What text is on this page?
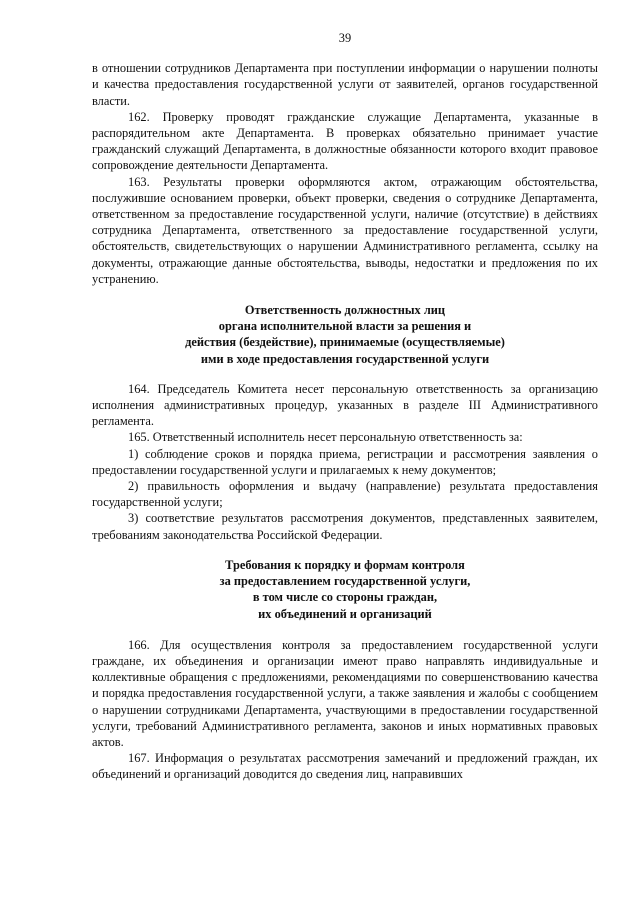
39

в отношении сотрудников Департамента при поступлении информации о нарушении полноты и качества предоставления государственной услуги от заявителей, органов государственной власти.

162. Проверку проводят гражданские служащие Департамента, указанные в распорядительном акте Департамента. В проверках обязательно принимает участие гражданский служащий Департамента, в должностные обязанности которого входит правовое сопровождение деятельности Департамента.

163. Результаты проверки оформляются актом, отражающим обстоятельства, послужившие основанием проверки, объект проверки, сведения о сотруднике Департамента, ответственном за предоставление государственной услуги, наличие (отсутствие) в действиях сотрудника Департамента, ответственного за предоставление государственной услуги, обстоятельств, свидетельствующих о нарушении Административного регламента, ссылку на документы, отражающие данные обстоятельства, выводы, недостатки и предложения по их устранению.

Ответственность должностных лиц
органа исполнительной власти за решения и
действия (бездействие), принимаемые (осуществляемые)
ими в ходе предоставления государственной услуги

164. Председатель Комитета несет персональную ответственность за организацию исполнения административных процедур, указанных в разделе III Административного регламента.

165. Ответственный исполнитель несет персональную ответственность за:

1) соблюдение сроков и порядка приема, регистрации и рассмотрения заявления о предоставлении государственной услуги и прилагаемых к нему документов;

2) правильность оформления и выдачу (направление) результата предоставления государственной услуги;

3) соответствие результатов рассмотрения документов, представленных заявителем, требованиям законодательства Российской Федерации.

Требования к порядку и формам контроля
за предоставлением государственной услуги,
в том числе со стороны граждан,
их объединений и организаций

166. Для осуществления контроля за предоставлением государственной услуги граждане, их объединения и организации имеют право направлять индивидуальные и коллективные обращения с предложениями, рекомендациями по совершенствованию качества и порядка предоставления государственной услуги, а также заявления и жалобы с сообщением о нарушении сотрудниками Департамента, участвующими в предоставлении государственной услуги, требований Административного регламента, законов и иных нормативных правовых актов.

167. Информация о результатах рассмотрения замечаний и предложений граждан, их объединений и организаций доводится до сведения лиц, направивших
